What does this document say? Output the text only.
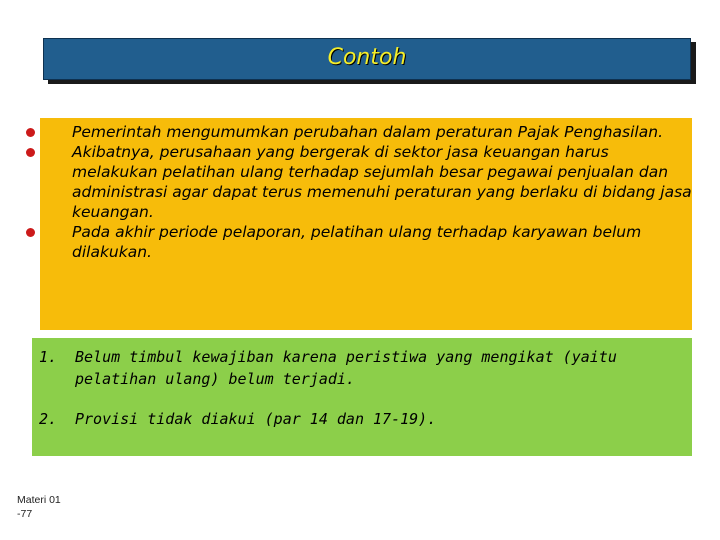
Contoh
Pemerintah mengumumkan perubahan dalam peraturan Pajak Penghasilan.
Akibatnya, perusahaan yang bergerak di sektor jasa keuangan harus melakukan pelatihan ulang terhadap sejumlah besar pegawai penjualan dan administrasi agar dapat terus memenuhi peraturan yang berlaku di bidang jasa keuangan.
Pada akhir periode pelaporan, pelatihan ulang terhadap karyawan belum dilakukan.
1. Belum timbul kewajiban karena peristiwa yang mengikat (yaitu pelatihan ulang) belum terjadi.
2. Provisi tidak diakui (par 14 dan 17-19).
Materi 01
-77
